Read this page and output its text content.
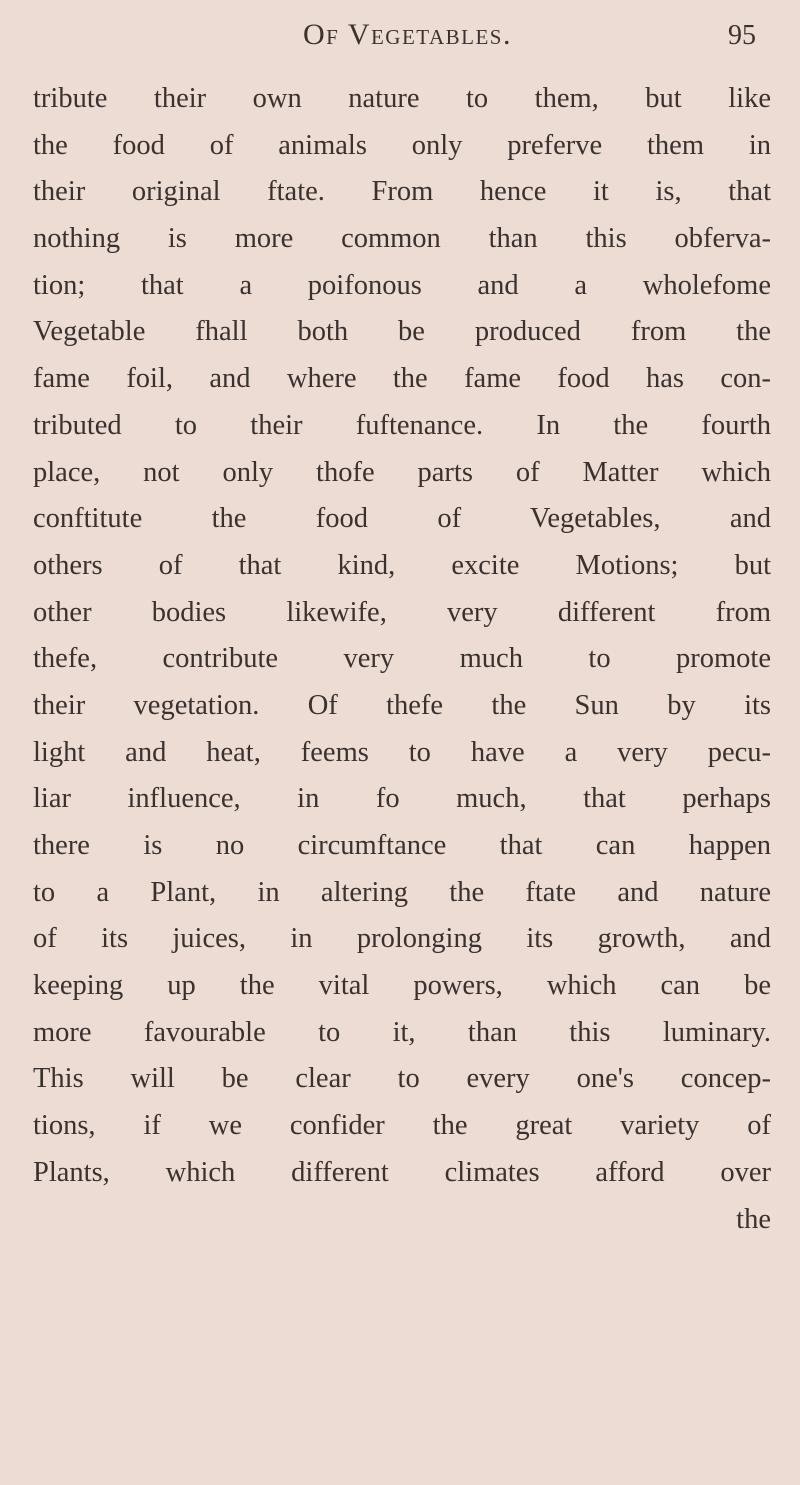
Of Vegetables.	95
tribute their own nature to them, but like
the food of animals only preferve them in
their original ftate. From hence it is, that
nothing is more common than this obferva-
tion; that a poifonous and a wholefome
Vegetable fhall both be produced from the
fame foil, and where the fame food has con-
tributed to their fuftenance. In the fourth
place, not only thofe parts of Matter which
conftitute the food of Vegetables, and
others of that kind, excite Motions; but
other bodies likewife, very different from
thefe, contribute very much to promote
their vegetation. Of thefe the Sun by its
light and heat, feems to have a very pecu-
liar influence, in fo much, that perhaps
there is no circumftance that can happen
to a Plant, in altering the ftate and nature
of its juices, in prolonging its growth, and
keeping up the vital powers, which can be
more favourable to it, than this luminary.
This will be clear to every one's concep-
tions, if we confider the great variety of
Plants, which different climates afford over
the
